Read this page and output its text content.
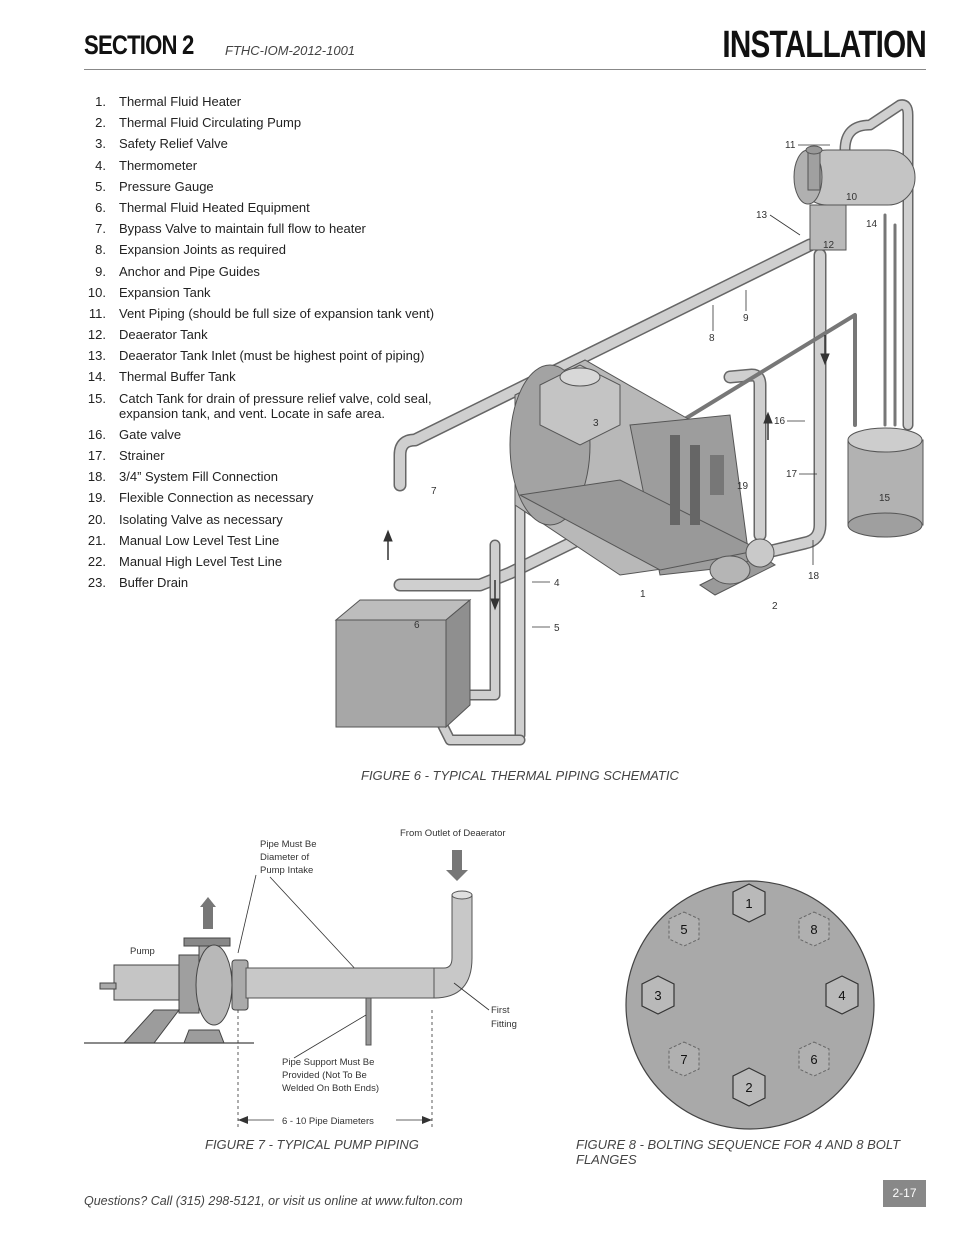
SECTION 2 FTHC-IOM-2012-1001	INSTALLATION
1. Thermal Fluid Heater
2. Thermal Fluid Circulating Pump
3. Safety Relief Valve
4. Thermometer
5. Pressure Gauge
6. Thermal Fluid Heated Equipment
7. Bypass Valve to maintain full flow to heater
8. Expansion Joints as required
9. Anchor and Pipe Guides
10. Expansion Tank
11. Vent Piping (should be full size of expansion tank vent)
12. Deaerator Tank
13. Deaerator Tank Inlet (must be highest point of piping)
14. Thermal Buffer Tank
15. Catch Tank for drain of pressure relief valve, cold seal, expansion tank, and vent. Locate in safe area.
16. Gate valve
17. Strainer
18. 3/4” System Fill Connection
19. Flexible Connection as necessary
20. Isolating Valve as necessary
21. Manual Low Level Test Line
22. Manual High Level Test Line
23. Buffer Drain
1
2
3
4
5
6
7
8
9
10
11
12
13
14
15
16
17
18
19
FIGURE 6 - TYPICAL THERMAL PIPING SCHEMATIC
From Outlet of Deaerator
Pipe Must Be Diameter of Pump Intake
Pump
First Fitting
Pipe Support Must Be Provided (Not To Be Welded On Both Ends)
6 - 10 Pipe Diameters
FIGURE 7 - TYPICAL PUMP PIPING
1
2
3	4
5
6
7
8
FIGURE 8 - BOLTING SEQUENCE FOR 4 AND 8 BOLT FLANGES
Questions? Call (315) 298-5121, or visit us online at www.fulton.com
2-17
